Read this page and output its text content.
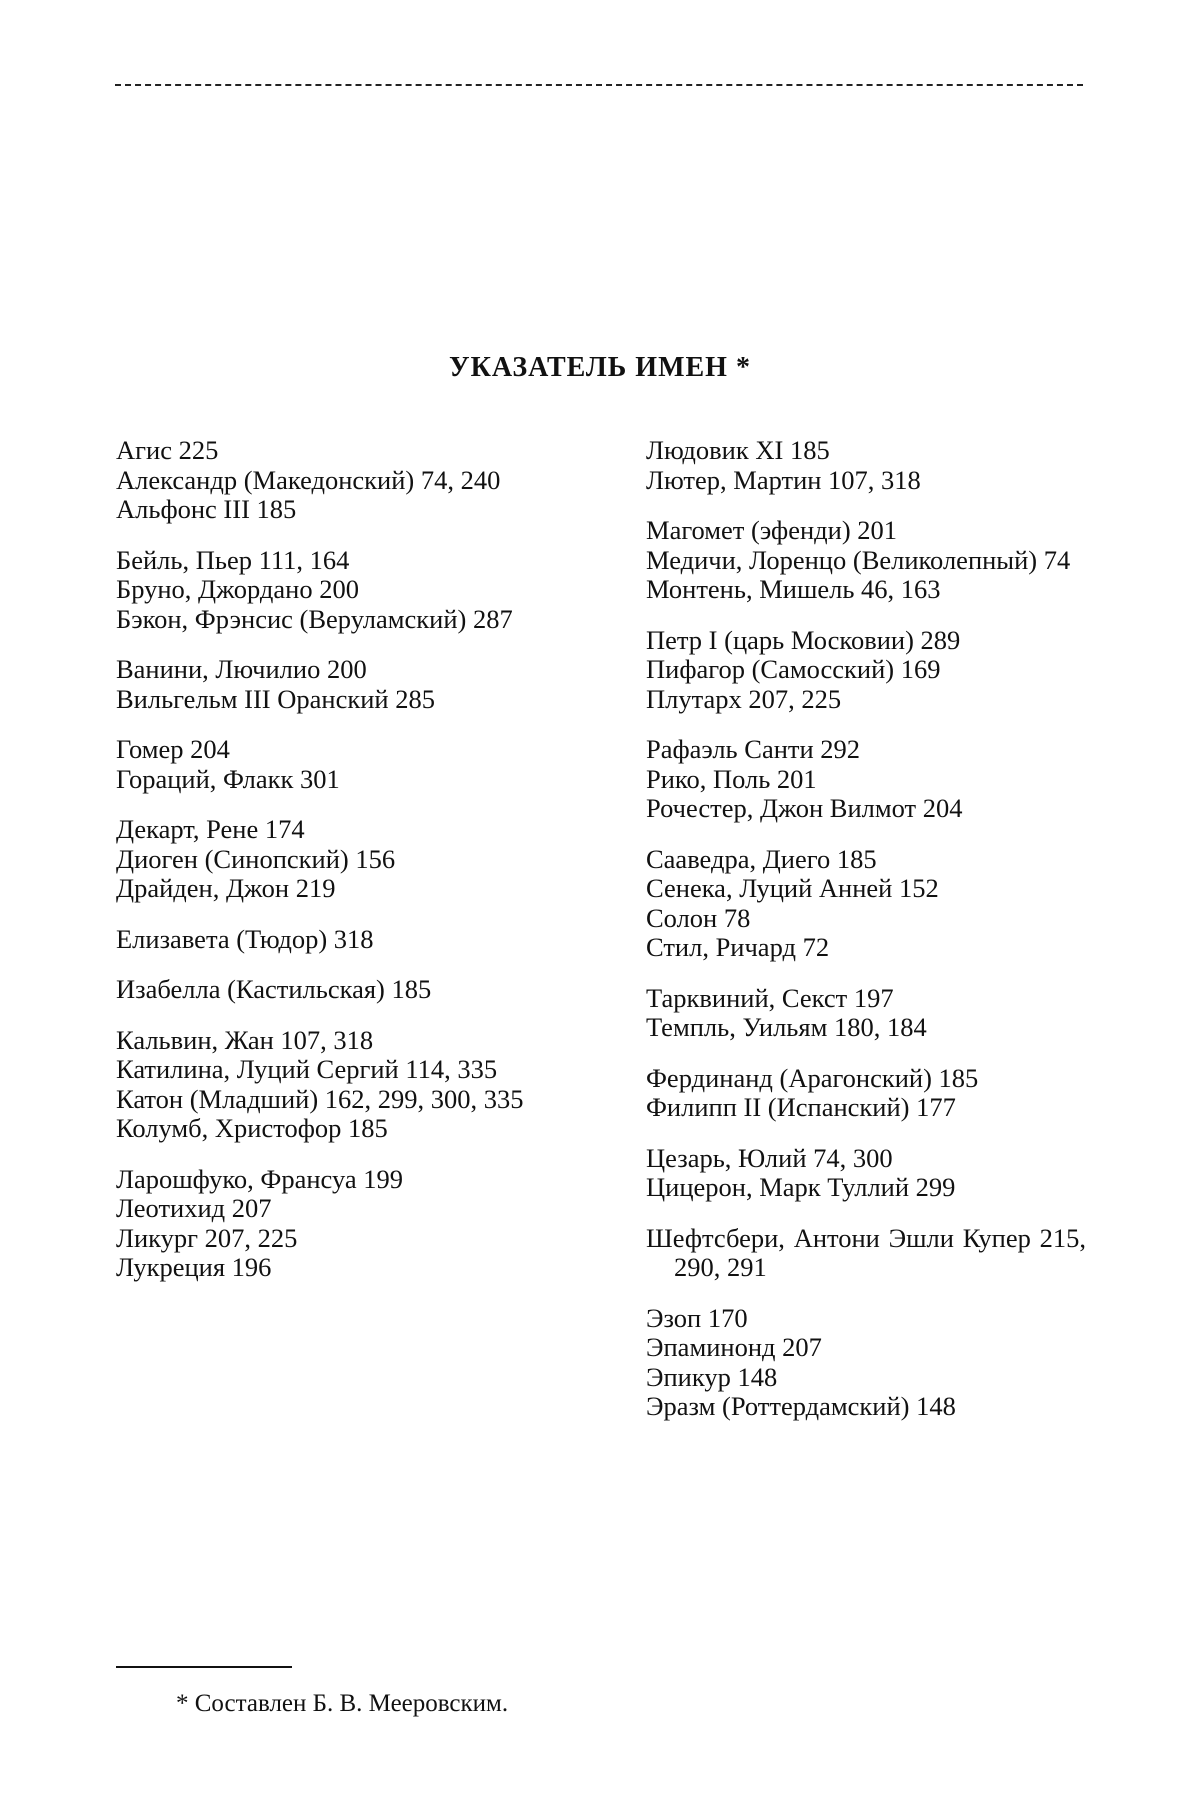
УКАЗАТЕЛЬ ИМЕН *
Агис 225
Александр (Македонский) 74, 240
Альфонс III 185
Бейль, Пьер 111, 164
Бруно, Джордано 200
Бэкон, Фрэнсис (Веруламский) 287
Ванини, Лючилио 200
Вильгельм III Оранский 285
Гомер 204
Гораций, Флакк 301
Декарт, Рене 174
Диоген (Синопский) 156
Драйден, Джон 219
Елизавета (Тюдор) 318
Изабелла (Кастильская) 185
Кальвин, Жан 107, 318
Катилина, Луций Сергий 114, 335
Катон (Младший) 162, 299, 300, 335
Колумб, Христофор 185
Ларошфуко, Франсуа 199
Леотихид 207
Ликург 207, 225
Лукреция 196
Людовик XI 185
Лютер, Мартин 107, 318
Магомет (эфенди) 201
Медичи, Лоренцо (Великолепный) 74
Монтень, Мишель 46, 163
Петр I (царь Московии) 289
Пифагор (Самосский) 169
Плутарх 207, 225
Рафаэль Санти 292
Рико, Поль 201
Рочестер, Джон Вилмот 204
Сааведра, Диего 185
Сенека, Луций Анней 152
Солон 78
Стил, Ричард 72
Тарквиний, Секст 197
Темпль, Уильям 180, 184
Фердинанд (Арагонский) 185
Филипп II (Испанский) 177
Цезарь, Юлий 74, 300
Цицерон, Марк Туллий 299
Шефтсбери, Антони Эшли Купер 215, 290, 291
Эзоп 170
Эпаминонд 207
Эпикур 148
Эразм (Роттердамский) 148
* Составлен Б. В. Мееровским.
